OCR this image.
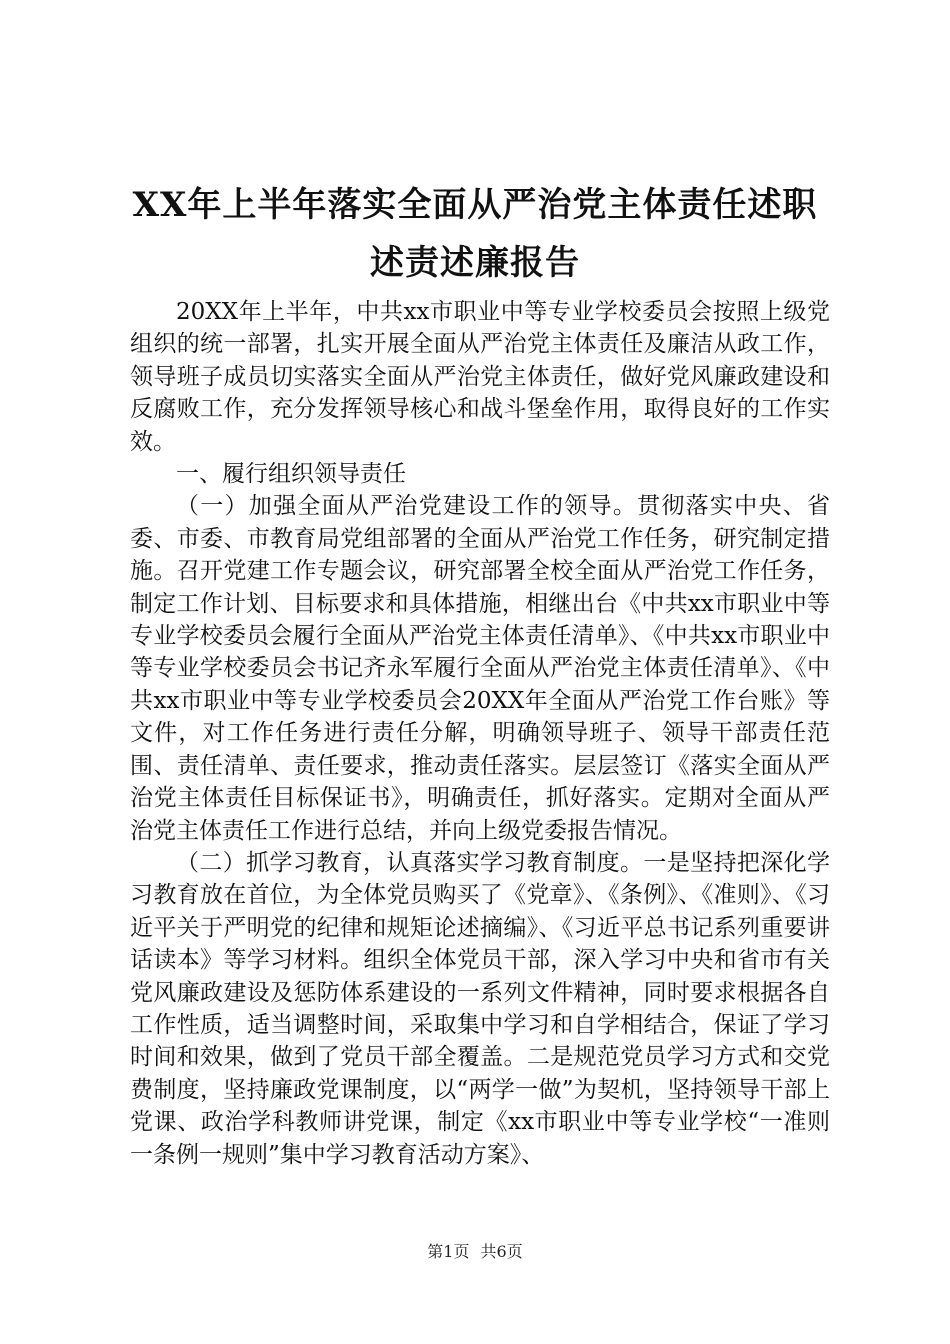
XX年上半年落实全面从严治党主体责任述职
述责述廉报告

20XX年上半年，中共xx市职业中等专业学校委员会按照上级党组织的统一部署，扎实开展全面从严治党主体责任及廉洁从政工作，领导班子成员切实落实全面从严治党主体责任，做好党风廉政建设和反腐败工作，充分发挥领导核心和战斗堡垒作用，取得良好的工作实效。

一、履行组织领导责任

（一）加强全面从严治党建设工作的领导。贯彻落实中央、省委、市委、市教育局党组部署的全面从严治党工作任务，研究制定措施。召开党建工作专题会议，研究部署全校全面从严治党工作任务，制定工作计划、目标要求和具体措施，相继出台《中共xx市职业中等专业学校委员会履行全面从严治党主体责任清单》、《中共xx市职业中等专业学校委员会书记齐永军履行全面从严治党主体责任清单》、《中共xx市职业中等专业学校委员会20XX年全面从严治党工作台账》等文件，对工作任务进行责任分解，明确领导班子、领导干部责任范围、责任清单、责任要求，推动责任落实。层层签订《落实全面从严治党主体责任目标保证书》，明确责任，抓好落实。定期对全面从严治党主体责任工作进行总结，并向上级党委报告情况。

（二）抓学习教育，认真落实学习教育制度。一是坚持把深化学习教育放在首位，为全体党员购买了《党章》、《条例》、《准则》、《习近平关于严明党的纪律和规矩论述摘编》、《习近平总书记系列重要讲话读本》等学习材料。组织全体党员干部，深入学习中央和省市有关党风廉政建设及惩防体系建设的一系列文件精神，同时要求根据各自工作性质，适当调整时间，采取集中学习和自学相结合，保证了学习时间和效果，做到了党员干部全覆盖。二是规范党员学习方式和交党费制度，坚持廉政党课制度，以“两学一做”为契机，坚持领导干部上党课、政治学科教师讲党课，制定《xx市职业中等专业学校“一准则一条例一规则”集中学习教育活动方案》、

第1页 共6页
